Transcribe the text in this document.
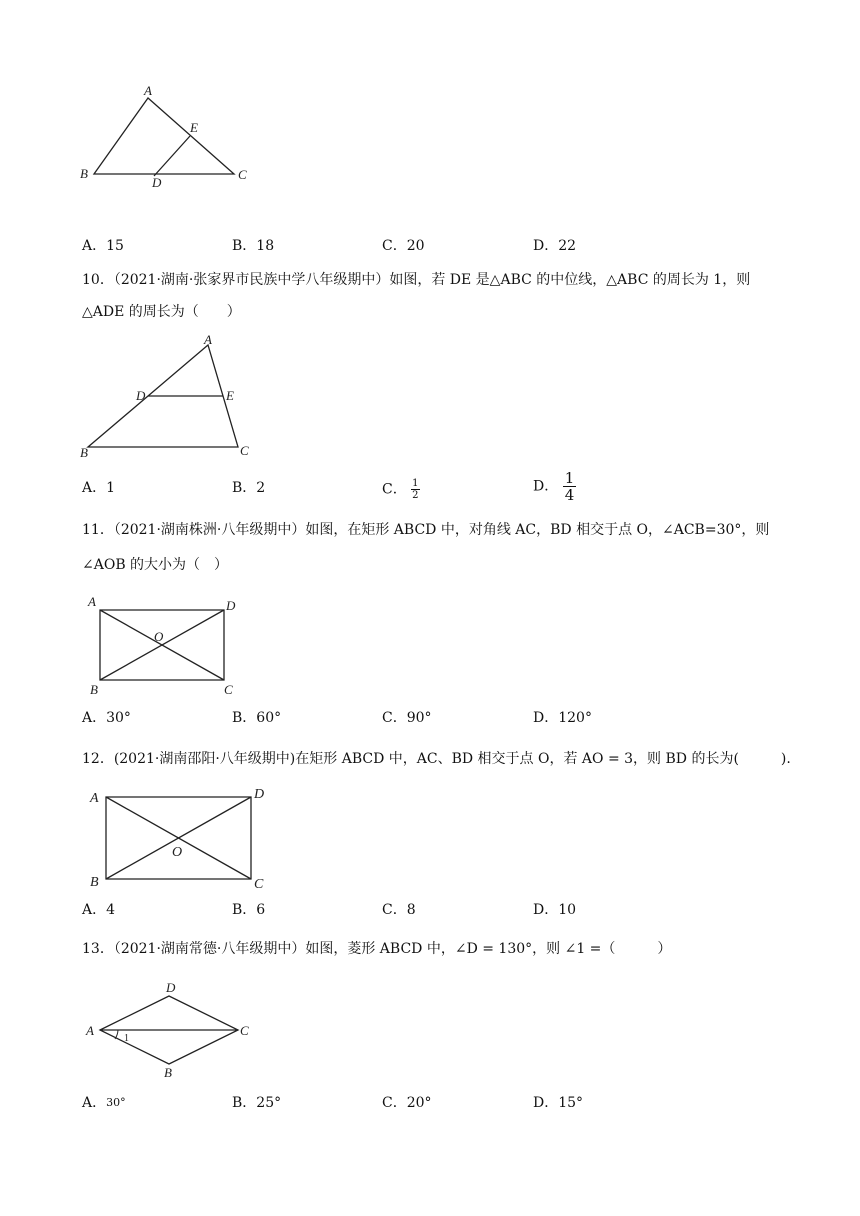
A
B	C
D
E
A．15	B．18	C．20	D．22
10．（2021·湖南·张家界市民族中学八年级期中）如图，若 DE 是△ABC 的中位线，△ABC 的周长为 1，则
△ADE 的周长为（　　）
A
B	C
D	E
A．1	B．2	C． $\frac{1}{2}$	D． $\frac{1}{4}$
11．（2021·湖南株洲·八年级期中）如图，在矩形 ABCD 中，对角线 AC，BD 相交于点 O，∠ACB=30°，则
∠AOB 的大小为（　）
A	D
B	C
O
A．30°	B．60°	C．90°	D．120°
12．(2021·湖南邵阳·八年级期中)在矩形 ABCD 中，AC、BD 相交于点 O，若 AO = 3，则 BD 的长为(　　　).
A	D
B	C
O
A．4	B．6	C．8	D．10
13．（2021·湖南常德·八年级期中）如图，菱形 ABCD 中，∠D = 130°，则 ∠1 =（　　　）
A
D
C
B
1
A．30°	B．25°	C．20°	D．15°
